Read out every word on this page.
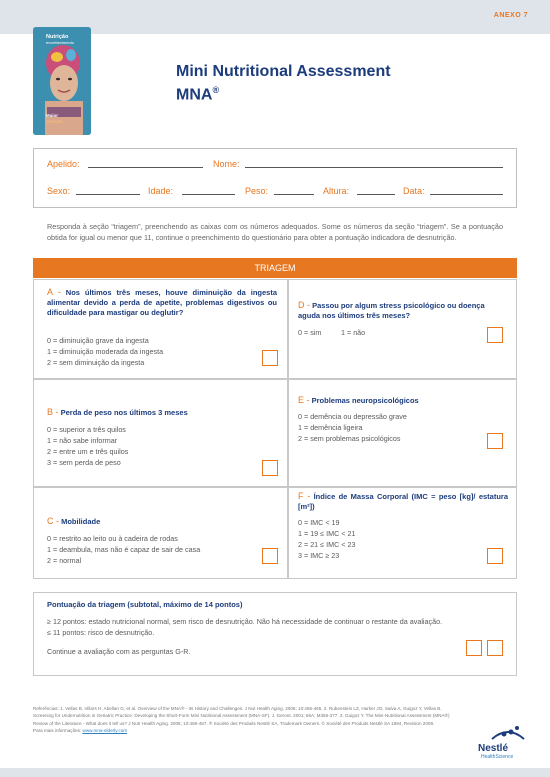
ANEXO 7
Nutrição
envelhecimento
Maior
atenção
Mini Nutritional Assessment
MNA®
Apelido:	Nome:
Sexo:	Idade:	Peso:	Altura:	Data:
Responda à seção “triagem”, preenchendo as caixas com os números adequados. Some os números da seção “triagem”. Se a pontuação obtida for igual ou menor que 11, continue o preenchimento do questionário para obter a pontuação indicadora de desnutrição.
TRIAGEM
A - Nos últimos três meses, houve diminuição da ingesta alimentar devido a perda de apetite, problemas digestivos ou dificuldade para mastigar ou deglutir?
0 = diminuição grave da ingesta
1 = diminuição moderada da ingesta
2 = sem diminuição da ingesta
D - Passou por algum stress psicológico ou doença aguda nos últimos três meses?
0 = sim	1 = não
B - Perda de peso nos últimos 3 meses
0 = superior a três quilos
1 = não sabe informar
2 = entre um e três quilos
3 = sem perda de peso
E - Problemas neuropsicológicos
0 = demência ou depressão grave
1 = demência ligeira
2 = sem problemas psicológicos
C - Mobilidade
0 = restrito ao leito ou à cadeira de rodas
1 = deambula, mas não é capaz de sair de casa
2 = normal
F - Índice de Massa Corporal (IMC = peso [kg]/ estatura [m²])
0 = IMC < 19
1 = 19 ≤ IMC < 21
2 = 21 ≤ IMC < 23
3 = IMC ≥ 23
Pontuação da triagem (subtotal, máximo de 14 pontos)
≥ 12 pontos: estado nutricional normal, sem risco de desnutrição. Não há necessidade de continuar o restante da avaliação.
≤ 11 pontos: risco de desnutrição.
Continue a avaliação com as perguntas G-R.
Referências: 1. Vellas B, Villars H, Abellan G, et al. Overview of the MNA® - Its History and Challenges. J Nut Health Aging. 2006; 10:456-465. 2. Rubenstein LZ, Harker JO, Salva A, Guigoz Y, Vellas B. Screening for Undernutrition in Geriatric Practice: Developing the Short-Form Mini Nutritional Assessment (MNA-SF). J. Geront. 2001; 56A: M366-377. 3. Guigoz Y. The Mini-Nutritional Assessment (MNA®) Review of the Literature - What does it tell us? J Nutr Health Aging. 2006; 10:466-487. ® Société des Produits Nestlé SA, Trademark Owners. © Société des Produits Nestlé SA 1994, Revision 2009.
Para mais informações: www.mna-elderly.com
Nestlé
HealthScience
